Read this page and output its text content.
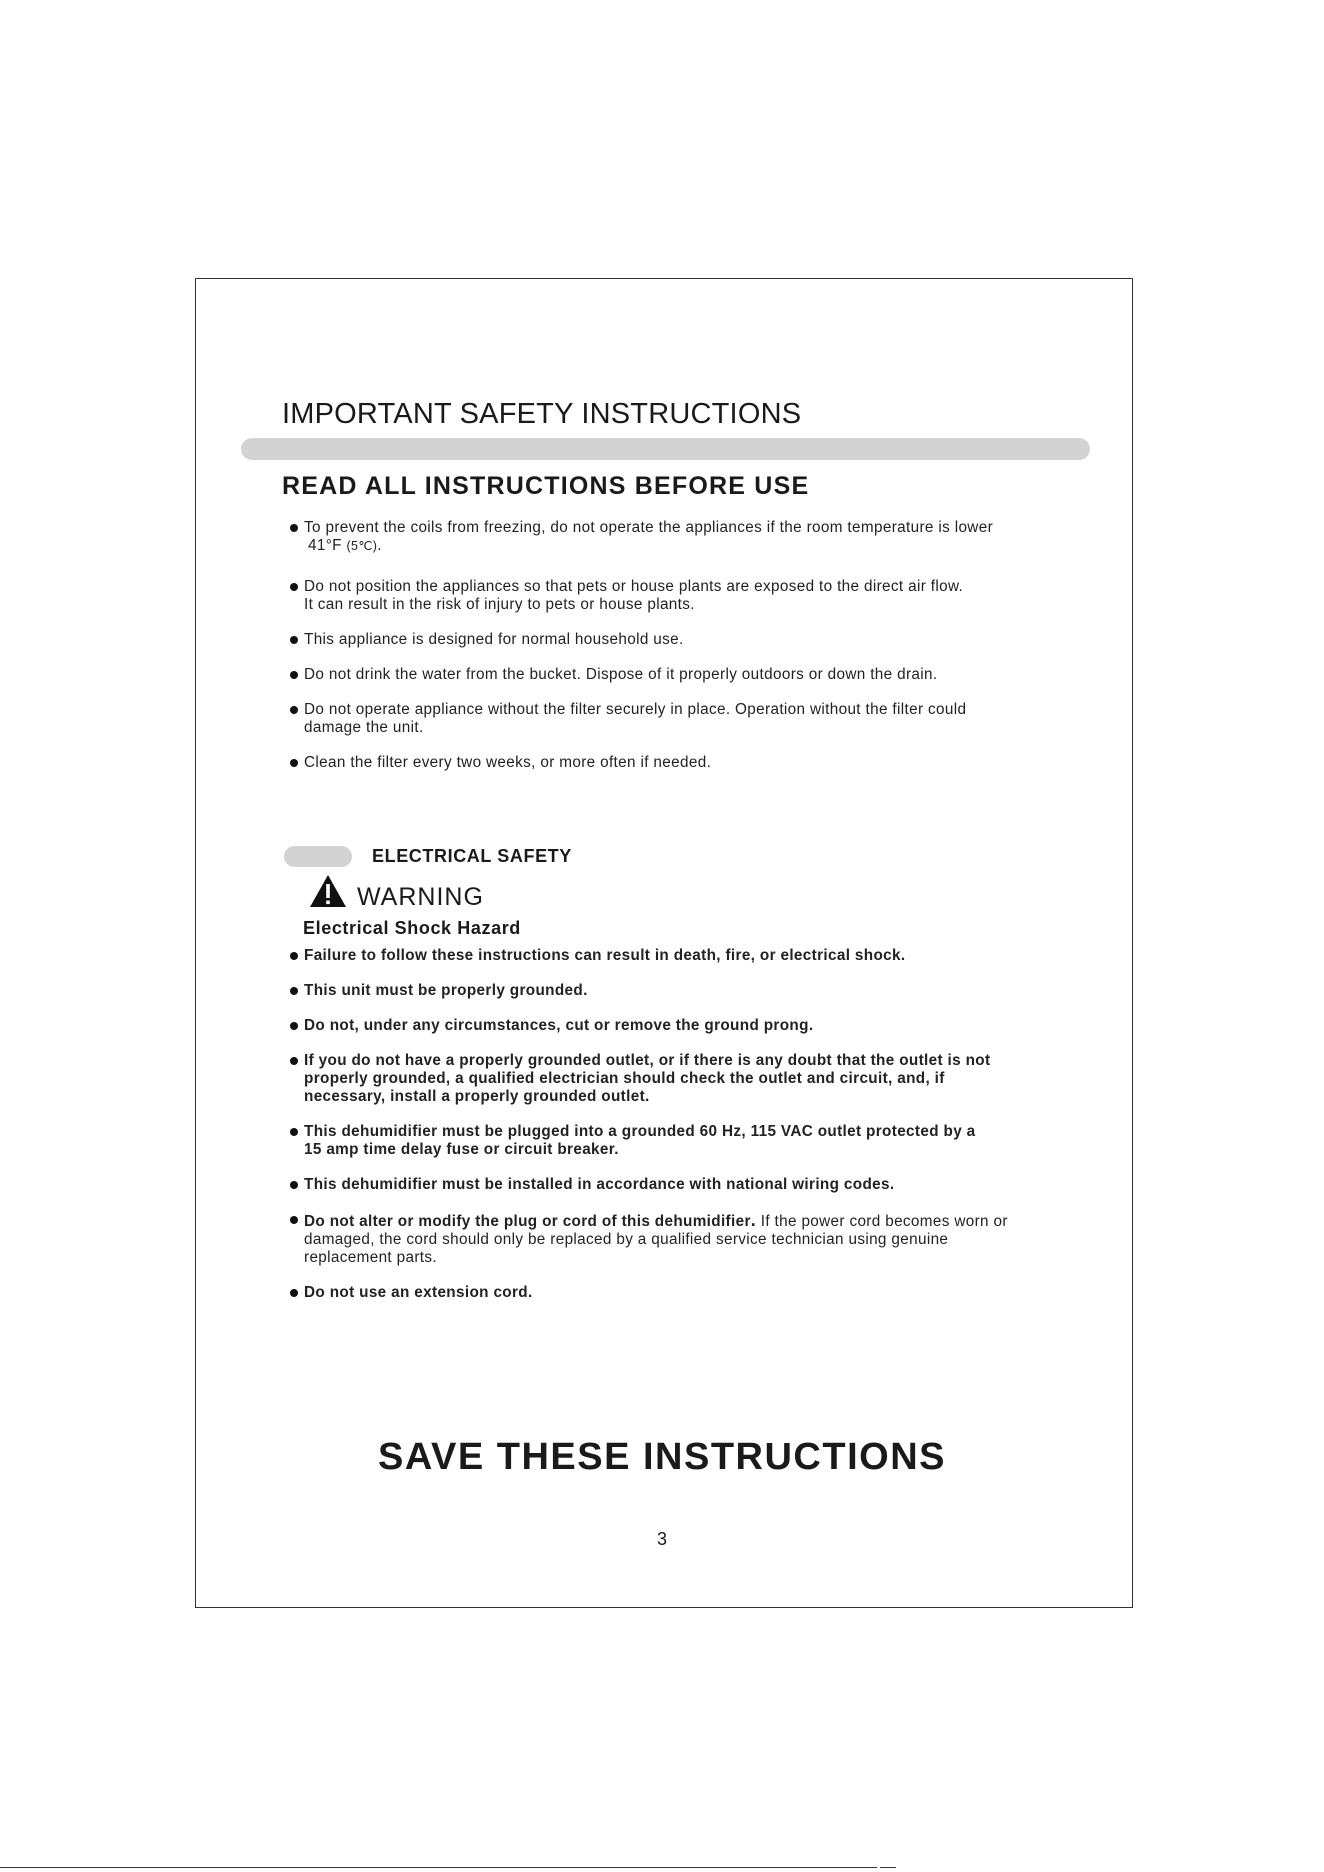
IMPORTANT SAFETY INSTRUCTIONS
READ ALL INSTRUCTIONS BEFORE USE
To prevent the coils from freezing, do not operate the appliances if the room temperature is lower
41°F (5℃).
Do not position the appliances so that pets or house plants are exposed to the direct air flow.
It can result in the risk of injury to pets or house plants.
This appliance is designed for normal household use.
Do not drink the water from the bucket. Dispose of it properly outdoors or down the drain.
Do not operate appliance without the filter securely in place. Operation without the filter could
damage the unit.
Clean the filter every two weeks, or more often if needed.
ELECTRICAL SAFETY
WARNING
Electrical Shock Hazard
Failure to follow these instructions can result in death, fire, or electrical shock.
This unit must be properly grounded.
Do not, under any circumstances, cut or remove the ground prong.
If you do not have a properly grounded outlet, or if there is any doubt that the outlet is not
properly grounded, a qualified electrician should check the outlet and circuit, and, if
necessary, install a properly grounded outlet.
This dehumidifier must be plugged into a grounded 60 Hz, 115 VAC outlet protected by a
15 amp time delay fuse or circuit breaker.
This dehumidifier must be installed in accordance with national wiring codes.
Do not alter or modify the plug or cord of this dehumidifier. If the power cord becomes worn or
damaged, the cord should only be replaced by a qualified service technician using genuine
replacement parts.
Do not use an extension cord.
SAVE THESE INSTRUCTIONS
3
